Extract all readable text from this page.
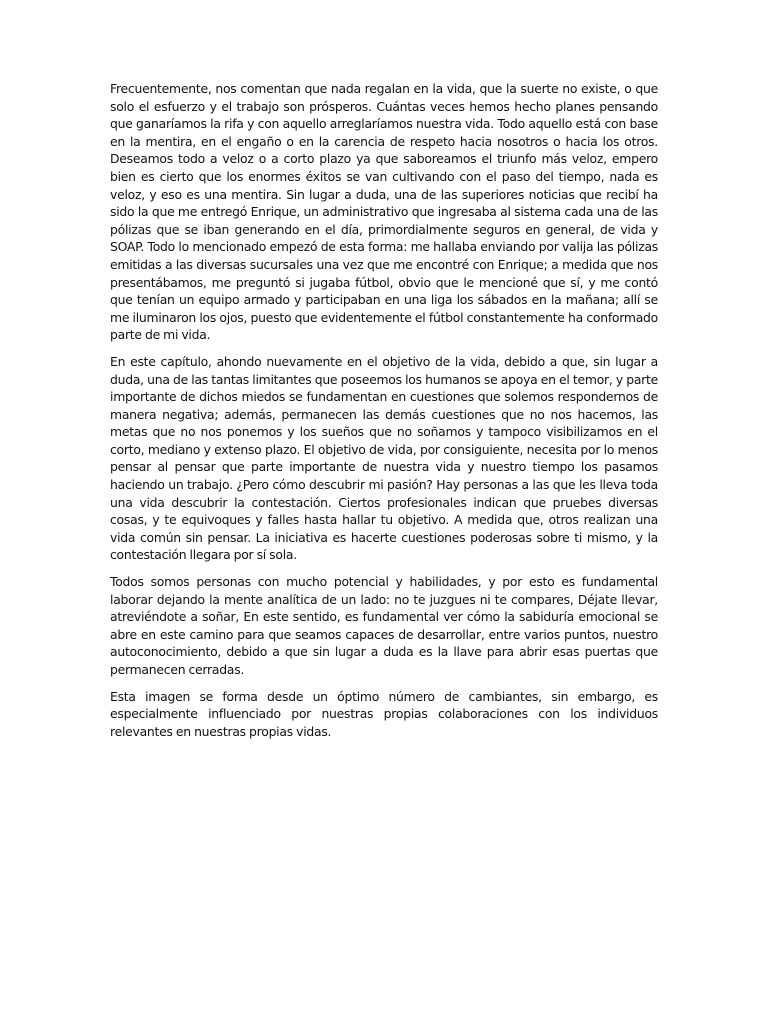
Frecuentemente, nos comentan que nada regalan en la vida, que la suerte no existe, o que solo el esfuerzo y el trabajo son prósperos. Cuántas veces hemos hecho planes pensando que ganaríamos la rifa y con aquello arreglaríamos nuestra vida. Todo aquello está con base en la mentira, en el engaño o en la carencia de respeto hacia nosotros o hacia los otros. Deseamos todo a veloz o a corto plazo ya que saboreamos el triunfo más veloz, empero bien es cierto que los enormes éxitos se van cultivando con el paso del tiempo, nada es veloz, y eso es una mentira. Sin lugar a duda, una de las superiores noticias que recibí ha sido la que me entregó Enrique, un administrativo que ingresaba al sistema cada una de las pólizas que se iban generando en el día, primordialmente seguros en general, de vida y SOAP. Todo lo mencionado empezó de esta forma: me hallaba enviando por valija las pólizas emitidas a las diversas sucursales una vez que me encontré con Enrique; a medida que nos presentábamos, me preguntó si jugaba fútbol, obvio que le mencioné que sí, y me contó que tenían un equipo armado y participaban en una liga los sábados en la mañana; allí se me iluminaron los ojos, puesto que evidentemente el fútbol constantemente ha conformado parte de mi vida.

En este capítulo, ahondo nuevamente en el objetivo de la vida, debido a que, sin lugar a duda, una de las tantas limitantes que poseemos los humanos se apoya en el temor, y parte importante de dichos miedos se fundamentan en cuestiones que solemos respondernos de manera negativa; además, permanecen las demás cuestiones que no nos hacemos, las metas que no nos ponemos y los sueños que no soñamos y tampoco visibilizamos en el corto, mediano y extenso plazo. El objetivo de vida, por consiguiente, necesita por lo menos pensar al pensar que parte importante de nuestra vida y nuestro tiempo los pasamos haciendo un trabajo. ¿Pero cómo descubrir mi pasión? Hay personas a las que les lleva toda una vida descubrir la contestación. Ciertos profesionales indican que pruebes diversas cosas, y te equivoques y falles hasta hallar tu objetivo. A medida que, otros realizan una vida común sin pensar. La iniciativa es hacerte cuestiones poderosas sobre ti mismo, y la contestación llegara por sí sola.

Todos somos personas con mucho potencial y habilidades, y por esto es fundamental laborar dejando la mente analítica de un lado: no te juzgues ni te compares, Déjate llevar, atreviéndote a soñar, En este sentido, es fundamental ver cómo la sabiduría emocional se abre en este camino para que seamos capaces de desarrollar, entre varios puntos, nuestro autoconocimiento, debido a que sin lugar a duda es la llave para abrir esas puertas que permanecen cerradas.

Esta imagen se forma desde un óptimo número de cambiantes, sin embargo, es especialmente influenciado por nuestras propias colaboraciones con los individuos relevantes en nuestras propias vidas.
